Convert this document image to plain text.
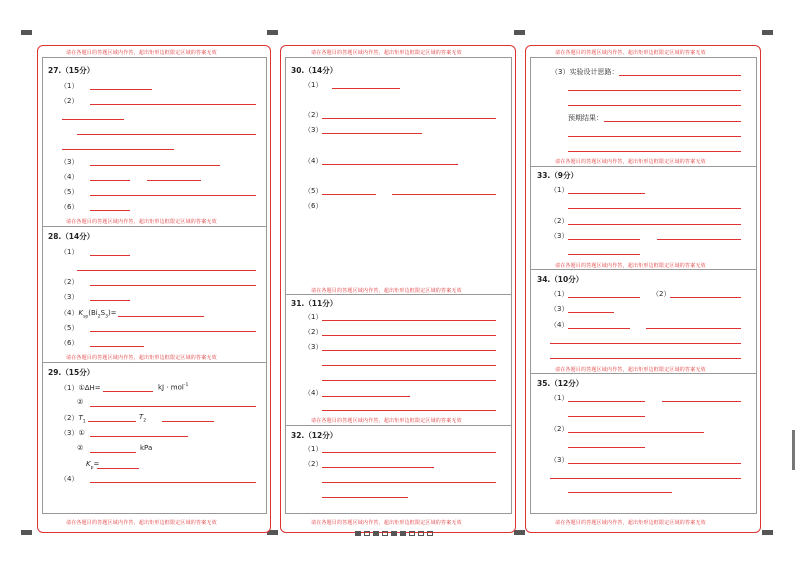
请在各题目的答题区域内作答，超出矩形边框限定区域的答案无效
27.（15分）
（1）
（2）
（3）
（4）
（5）
（6）
请在各题目的答题区域内作答，超出矩形边框限定区域的答案无效
28.（14分）
（1）
（2）
（3）
$(4)K_{sp}(Bi_2S_3)=$
（5）
（6）
请在各题目的答题区域内作答，超出矩形边框限定区域的答案无效
29.（15分）
（1）①ΔH=	kJ · mol$^{-1}$
②
$(2)T_1$
$T_2$
（3）①
②	kPa
$K_p=$
（4）
请在各题目的答题区域内作答，超出矩形边框限定区域的答案无效
请在各题目的答题区域内作答，超出矩形边框限定区域的答案无效
30.（14分）
（1）
（2）
（3）
（4）
（5）
（6）
请在各题目的答题区域内作答，超出矩形边框限定区域的答案无效
31.（11分）
（1）
（2）
（3）
（4）
请在各题目的答题区域内作答，超出矩形边框限定区域的答案无效
32.（12分）
（1）
（2）
请在各题目的答题区域内作答，超出矩形边框限定区域的答案无效
请在各题目的答题区域内作答，超出矩形边框限定区域的答案无效
（3）实验设计思路：
预期结果：
请在各题目的答题区域内作答，超出矩形边框限定区域的答案无效
33.（9分）
（1）
（2）
（3）
请在各题目的答题区域内作答，超出矩形边框限定区域的答案无效
34.（10分）
（1）	（2）
（3）
（4）
请在各题目的答题区域内作答，超出矩形边框限定区域的答案无效
35.（12分）
（1）
（2）
（3）
请在各题目的答题区域内作答，超出矩形边框限定区域的答案无效
